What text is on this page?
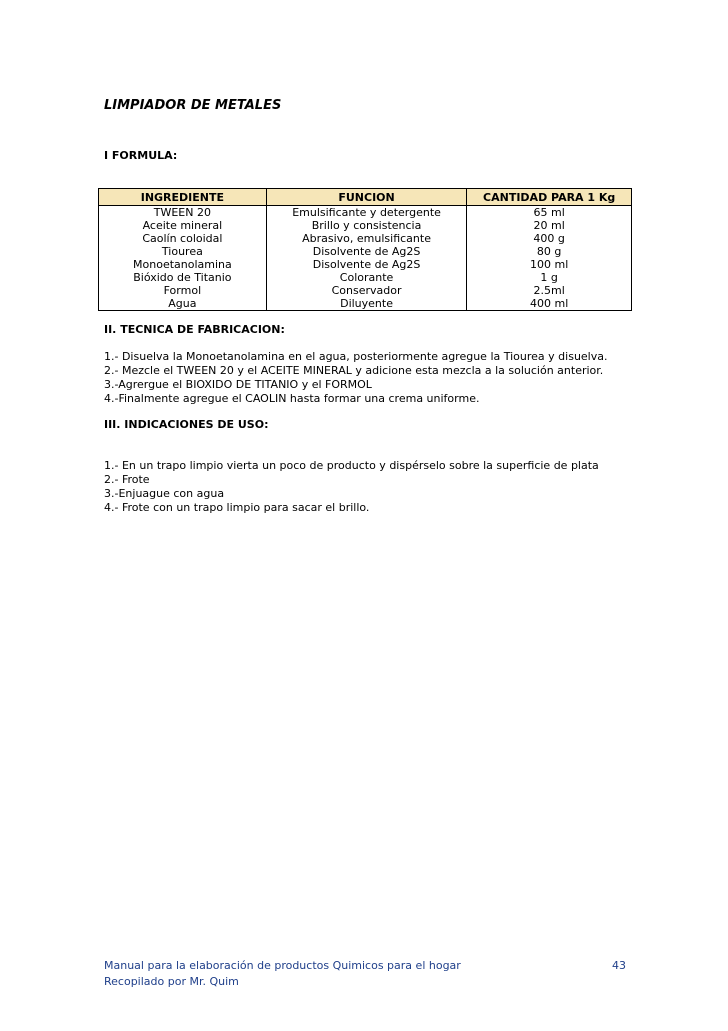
LIMPIADOR DE METALES
I FORMULA:
INGREDIENTE	FUNCION	CANTIDAD PARA 1 Kg
TWEEN 20	Emulsificante y detergente	65 ml
Aceite mineral	Brillo y consistencia	20 ml
Caolín coloidal	Abrasivo, emulsificante	400 g
Tiourea	Disolvente de Ag2S	80 g
Monoetanolamina	Disolvente de Ag2S	100 ml
Bióxido de Titanio	Colorante	1 g
Formol	Conservador	2.5ml
Agua	Diluyente	400 ml
II. TECNICA DE FABRICACION:
1.- Disuelva la Monoetanolamina en el agua, posteriormente agregue la Tiourea y disuelva.
2.- Mezcle el TWEEN 20 y el ACEITE MINERAL y adicione esta mezcla a la solución anterior.
3.-Agrergue el BIOXIDO DE TITANIO y el FORMOL
4.-Finalmente agregue el CAOLIN hasta formar una crema uniforme.
III. INDICACIONES DE USO:
1.- En un trapo limpio vierta un poco de producto y dispérselo sobre la superficie de plata
2.- Frote
3.-Enjuague con agua
4.- Frote con un trapo limpio para sacar el brillo.
Manual para la elaboración de productos Quimicos para el hogar	43
Recopilado por Mr. Quim
